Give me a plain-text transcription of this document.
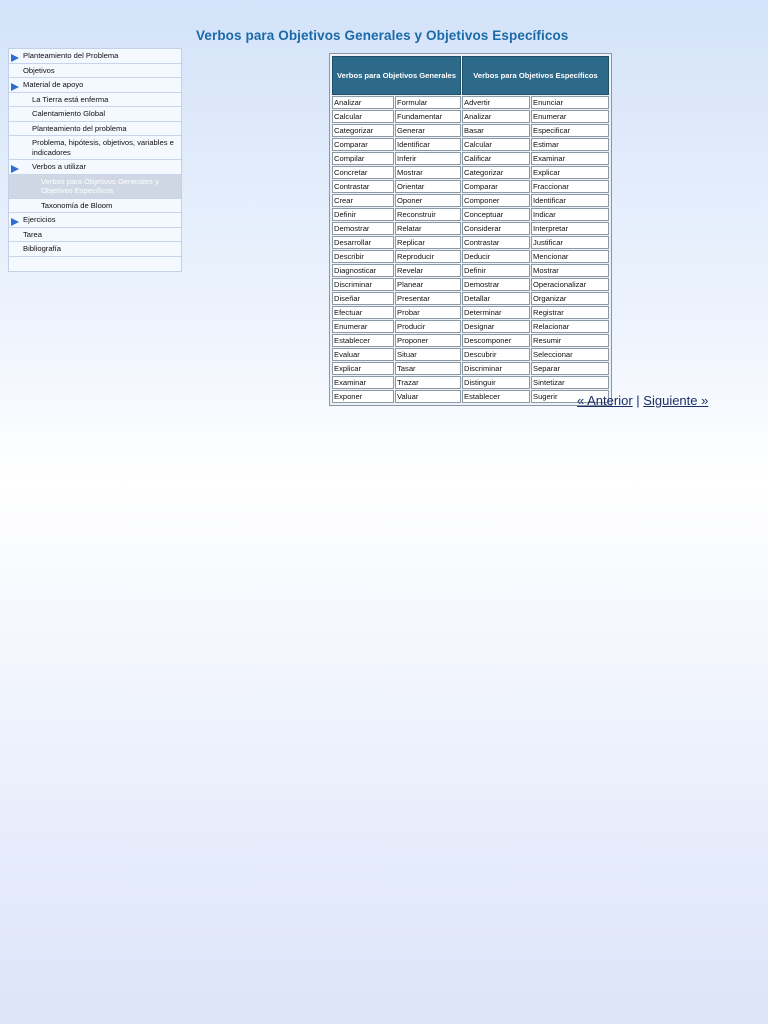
Verbos para Objetivos Generales y Objetivos Específicos
Planteamiento del Problema
Objetivos
Material de apoyo
La Tierra está enferma
Calentamiento Global
Planteamiento del problema
Problema, hipótesis, objetivos, variables e indicadores
Verbos a utilizar
Verbos para Objetivos Generales y Objetivos Específicos
Taxonomía de Bloom
Ejercicios
Tarea
Bibliografía
Verbos para Objetivos Generales		Verbos para Objetivos Específicos	
Analizar	Formular	Advertir	Enunciar
Calcular	Fundamentar	Analizar	Enumerar
Categorizar	Generar	Basar	Especificar
Comparar	Identificar	Calcular	Estimar
Compilar	Inferir	Calificar	Examinar
Concretar	Mostrar	Categorizar	Explicar
Contrastar	Orientar	Comparar	Fraccionar
Crear	Oponer	Componer	Identificar
Definir	Reconstruir	Conceptuar	Indicar
Demostrar	Relatar	Considerar	Interpretar
Desarrollar	Replicar	Contrastar	Justificar
Describir	Reproducir	Deducir	Mencionar
Diagnosticar	Revelar	Definir	Mostrar
Discriminar	Planear	Demostrar	Operacionalizar
Diseñar	Presentar	Detallar	Organizar
Efectuar	Probar	Determinar	Registrar
Enumerar	Producir	Designar	Relacionar
Establecer	Proponer	Descomponer	Resumir
Evaluar	Situar	Descubrir	Seleccionar
Explicar	Tasar	Discriminar	Separar
Examinar	Trazar	Distinguir	Sintetizar
Exponer	Valuar	Establecer	Sugerir « Anterior | Siguiente »
